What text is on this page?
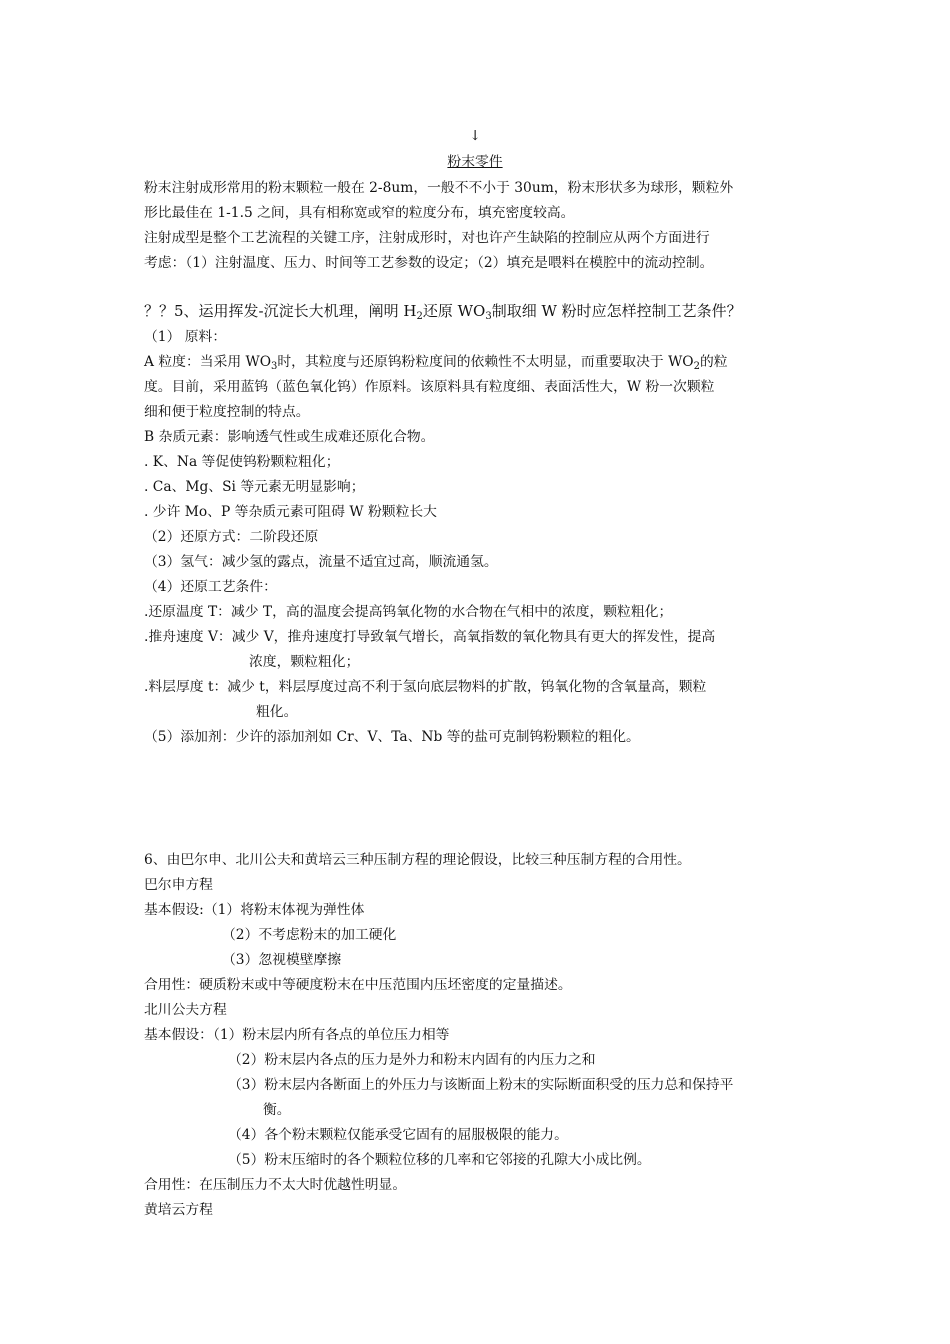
↓
粉末零件
粉末注射成形常用的粉末颗粒一般在 2-8um，一般不不小于 30um，粉末形状多为球形，颗粒外
形比最佳在 1-1.5 之间，具有相称宽或窄的粒度分布，填充密度较高。
注射成型是整个工艺流程的关键工序，注射成形时，对也许产生缺陷的控制应从两个方面进行
考虑：（1）注射温度、压力、时间等工艺参数的设定；（2）填充是喂料在模腔中的流动控制。
？？5、运用挥发-沉淀长大机理，阐明 $H_2$还原 $WO_3$制取细 W 粉时应怎样控制工艺条件？
（1） 原料：
A 粒度：当采用 $WO_3$时，其粒度与还原钨粉粒度间的依赖性不太明显，而重要取决于 $WO_2$的粒
度。目前，采用蓝钨（蓝色氧化钨）作原料。该原料具有粒度细、表面活性大，W 粉一次颗粒
细和便于粒度控制的特点。
B 杂质元素：影响透气性或生成难还原化合物。
. K、Na 等促使钨粉颗粒粗化；
. Ca、Mg、Si 等元素无明显影响；
. 少许 Mo、P 等杂质元素可阻碍 W 粉颗粒长大
（2）还原方式：二阶段还原
（3）氢气：减少氢的露点，流量不适宜过高，顺流通氢。
（4）还原工艺条件：
.还原温度 T：减少 T，高的温度会提高钨氧化物的水合物在气相中的浓度，颗粒粗化；
.推舟速度 V：减少 V，推舟速度打导致氧气增长，高氧指数的氧化物具有更大的挥发性，提高
浓度，颗粒粗化；
.料层厚度 t：减少 t，料层厚度过高不利于氢向底层物料的扩散，钨氧化物的含氧量高，颗粒
粗化。
（5）添加剂：少许的添加剂如 Cr、V、Ta、Nb 等的盐可克制钨粉颗粒的粗化。
6、由巴尔申、北川公夫和黄培云三种压制方程的理论假设，比较三种压制方程的合用性。
巴尔申方程
基本假设:（1）将粉末体视为弹性体
（2）不考虑粉末的加工硬化
（3）忽视模壁摩擦
合用性：硬质粉末或中等硬度粉末在中压范围内压坯密度的定量描述。
北川公夫方程
基本假设：（1）粉末层内所有各点的单位压力相等
（2）粉末层内各点的压力是外力和粉末内固有的内压力之和
（3）粉末层内各断面上的外压力与该断面上粉末的实际断面积受的压力总和保持平
衡。
（4）各个粉末颗粒仅能承受它固有的屈服极限的能力。
（5）粉末压缩时的各个颗粒位移的几率和它邻接的孔隙大小成比例。
合用性：在压制压力不太大时优越性明显。
黄培云方程
